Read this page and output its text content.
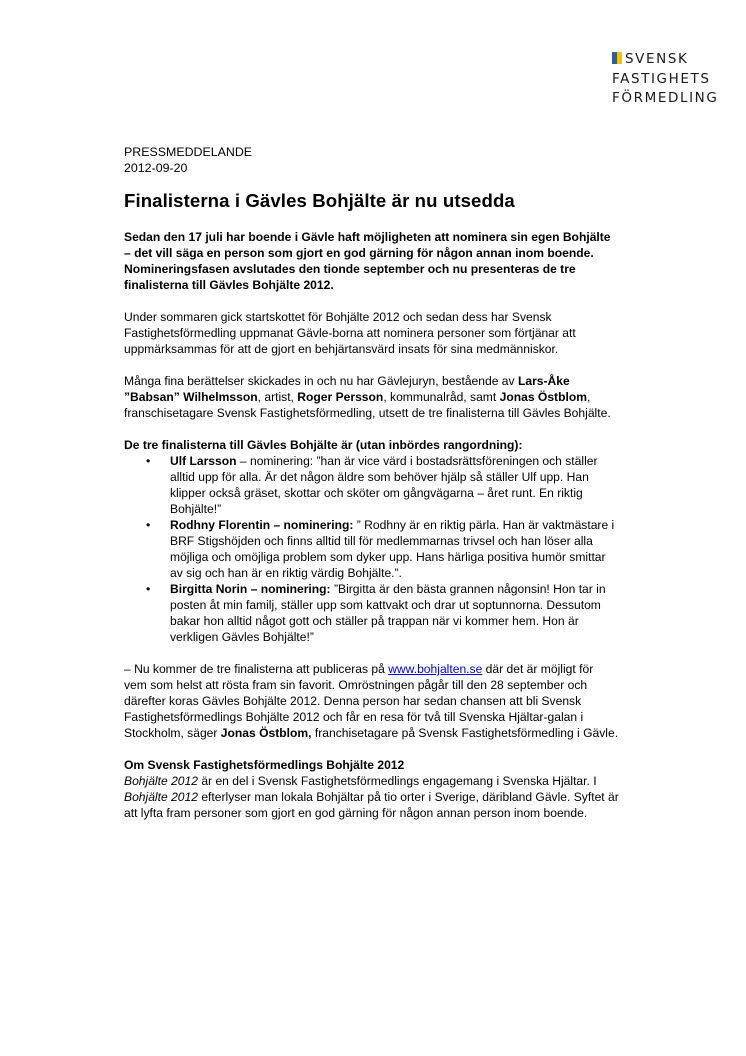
SVENSK
FASTIGHETS
FÖRMEDLING

PRESSMEDDELANDE

2012-09-20

Finalisterna i Gävles Bohjälte är nu utsedda
Sedan den 17 juli har boende i Gävle haft möjligheten att nominera sin egen Bohjälte
– det vill säga en person som gjort en god gärning för någon annan inom boende.
Nomineringsfasen avslutades den tionde september och nu presenteras de tre
finalisterna till Gävles Bohjälte 2012.
Under sommaren gick startskottet för Bohjälte 2012 och sedan dess har Svensk
Fastighetsförmedling uppmanat Gävle-borna att nominera personer som förtjänar att
uppmärksammas för att de gjort en behjärtansvärd insats för sina medmänniskor.
Många fina berättelser skickades in och nu har Gävlejuryn, bestående av Lars-Åke
”Babsan” Wilhelmsson, artist, Roger Persson, kommunalråd, samt Jonas Östblom,
franschisetagare Svensk Fastighetsförmedling, utsett de tre finalisterna till Gävles Bohjälte.

De tre finalisterna till Gävles Bohjälte är (utan inbördes rangordning):

• Ulf Larsson – nominering: ”han är vice värd i bostadsrättsföreningen och ställer
alltid upp för alla. Är det någon äldre som behöver hjälp så ställer Ulf upp. Han
klipper också gräset, skottar och sköter om gångvägarna – året runt. En riktig
Bohjälte!”
• Rodhny Florentin – nominering: ” Rodhny är en riktig pärla. Han är vaktmästare i
BRF Stigshöjden och finns alltid till för medlemmarnas trivsel och han löser alla
möjliga och omöjliga problem som dyker upp. Hans härliga positiva humör smittar
av sig och han är en riktig värdig Bohjälte.”.
• Birgitta Norin – nominering: ”Birgitta är den bästa grannen någonsin! Hon tar in
posten åt min familj, ställer upp som kattvakt och drar ut soptunnorna. Dessutom
bakar hon alltid något gott och ställer på trappan när vi kommer hem. Hon är
verkligen Gävles Bohjälte!”
– Nu kommer de tre finalisterna att publiceras på www.bohjalten.se där det är möjligt för
vem som helst att rösta fram sin favorit. Omröstningen pågår till den 28 september och
därefter koras Gävles Bohjälte 2012. Denna person har sedan chansen att bli Svensk
Fastighetsförmedlings Bohjälte 2012 och får en resa för två till Svenska Hjältar-galan i
Stockholm, säger Jonas Östblom, franchisetagare på Svensk Fastighetsförmedling i Gävle.

Om Svensk Fastighetsförmedlings Bohjälte 2012

Bohjälte 2012 är en del i Svensk Fastighetsförmedlings engagemang i Svenska Hjältar. I
Bohjälte 2012 efterlyser man lokala Bohjältar på tio orter i Sverige, däribland Gävle. Syftet är
att lyfta fram personer som gjort en god gärning för någon annan person inom boende.
